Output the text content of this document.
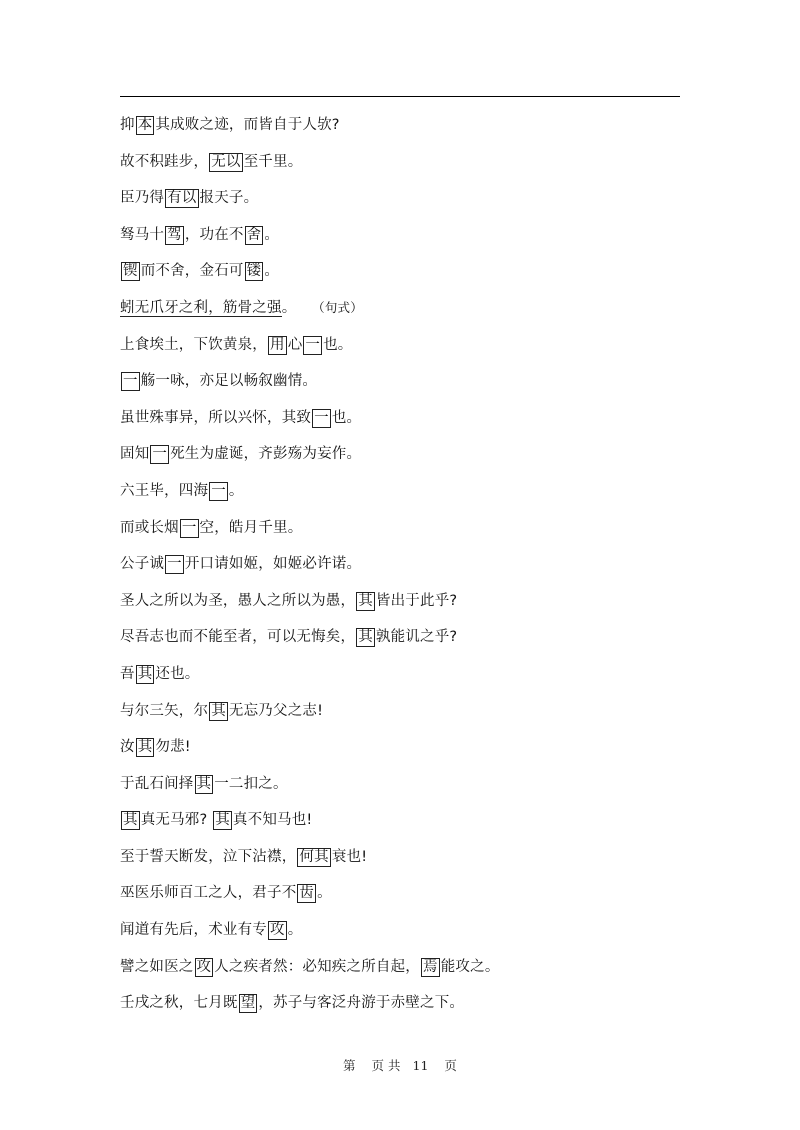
抑 本 其成败之迹，而皆自于人欤?
故不积跬步， 无以 至千里。
臣乃得 有以 报天子。
驽马十 驾 ，功在不 舍 。
锲 而不舍，金石可 镂 。
蚓无爪牙之利，筋骨之强。 （句式）
上食埃土，下饮黄泉， 用 心 一 也。
一 觞一咏，亦足以畅叙幽情。
虽世殊事异，所以兴怀，其致 一 也。
固知 一 死生为虚诞，齐彭殇为妄作。
六王毕，四海 一 。
而或长烟 一 空，皓月千里。
公子诚 一 开口请如姬，如姬必许诺。
圣人之所以为圣，愚人之所以为愚， 其 皆出于此乎?
尽吾志也而不能至者，可以无悔矣， 其 孰能讥之乎?
吾 其 还也。
与尔三矢，尔 其 无忘乃父之志!
汝 其 勿悲!
于乱石间择 其 一二扣之。
其 真无马邪? 其 真不知马也!
至于誓天断发，泣下沾襟， 何其 衰也!
巫医乐师百工之人，君子不 齿 。
闻道有先后，术业有专 攻 。
譬之如医之 攻 人之疾者然：必知疾之所自起， 焉 能攻之。
壬戌之秋，七月既 望 ，苏子与客泛舟游于赤壁之下。
第 页 共 11 页
